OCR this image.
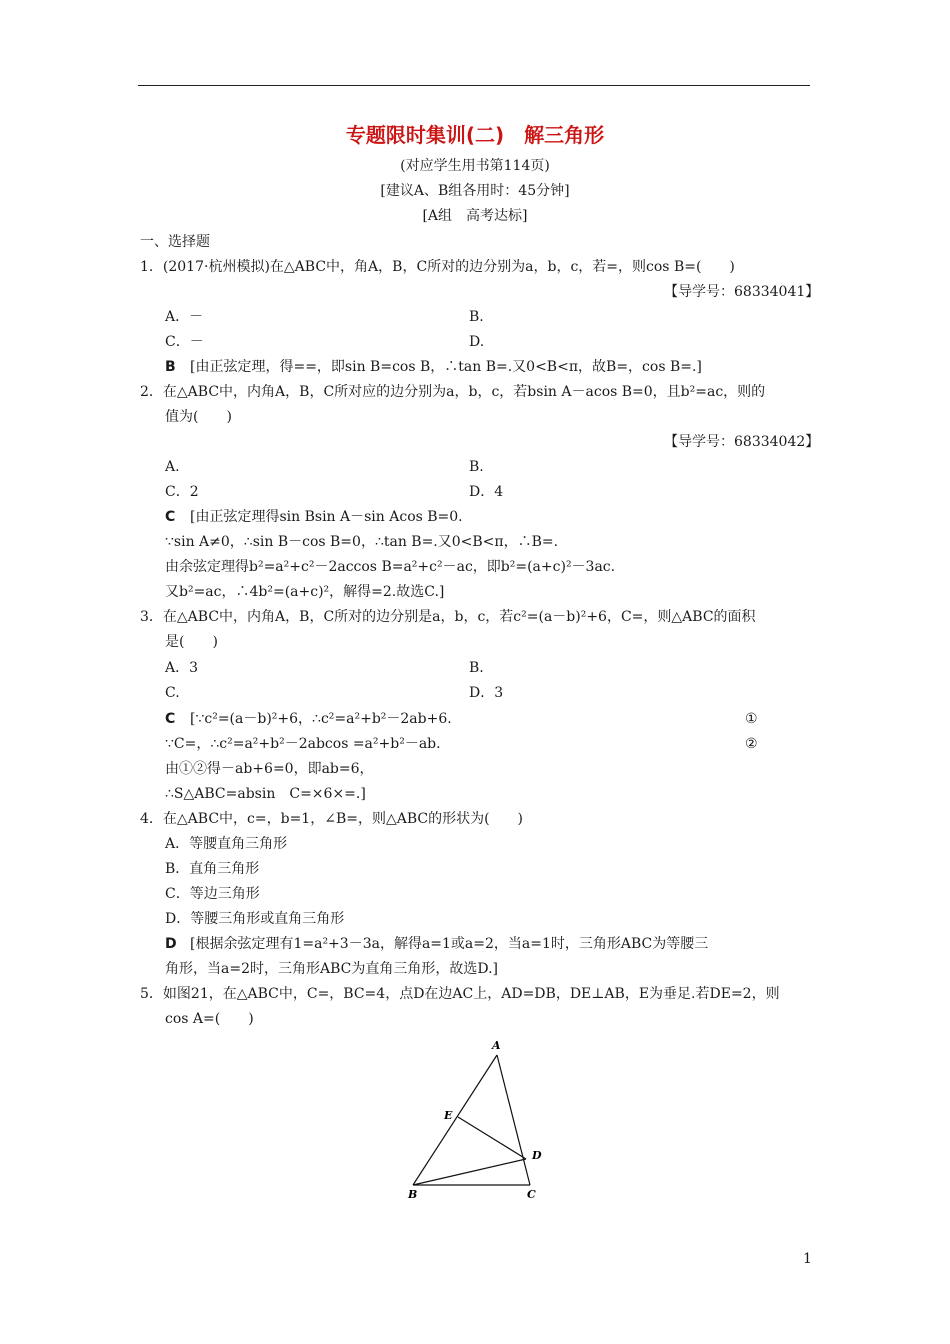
专题限时集训(二)　解三角形
(对应学生用书第114页)
[建议A、B组各用时：45分钟]
[A组　高考达标]
一、选择题
1．(2017·杭州模拟)在△ABC中，角A，B，C所对的边分别为a，b，c，若=，则cos B=(　　)
【导学号：68334041】
A．－	B.
C．－	D.
B [由正弦定理，得==，即sin B=cos B，∴tan B=.又0<B<π，故B=，cos B=.]
2．在△ABC中，内角A，B，C所对应的边分别为a，b，c，若bsin A－acos B=0，且b²=ac，则的
值为(　　)
【导学号：68334042】
A.	B.
C．2	D．4
C [由正弦定理得sin Bsin A－sin Acos B=0.
∵sin A≠0，∴sin B－cos B=0，∴tan B=.又0<B<π，∴B=.
由余弦定理得b²=a²+c²－2accos B=a²+c²－ac，即b²=(a+c)²－3ac.
又b²=ac，∴4b²=(a+c)²，解得=2.故选C.]
3．在△ABC中，内角A，B，C所对的边分别是a，b，c，若c²=(a－b)²+6，C=，则△ABC的面积
是(　　)
A．3	B.
C.	D．3
C [∵c²=(a－b)²+6，∴c²=a²+b²－2ab+6.	①
∵C=，∴c²=a²+b²－2abcos =a²+b²－ab.	②
由①②得－ab+6=0，即ab=6，
∴S△ABC=absin　C=×6×=.]
4．在△ABC中，c=，b=1，∠B=，则△ABC的形状为(　　)
A．等腰直角三角形
B．直角三角形
C．等边三角形
D．等腰三角形或直角三角形
D [根据余弦定理有1=a²+3－3a，解得a=1或a=2，当a=1时，三角形ABC为等腰三
角形，当a=2时，三角形ABC为直角三角形，故选D.]
5．如图21，在△ABC中，C=，BC=4，点D在边AC上，AD=DB，DE⊥AB，E为垂足.若DE=2，则
cos A=(　　)
A
B	C
D
E
1
